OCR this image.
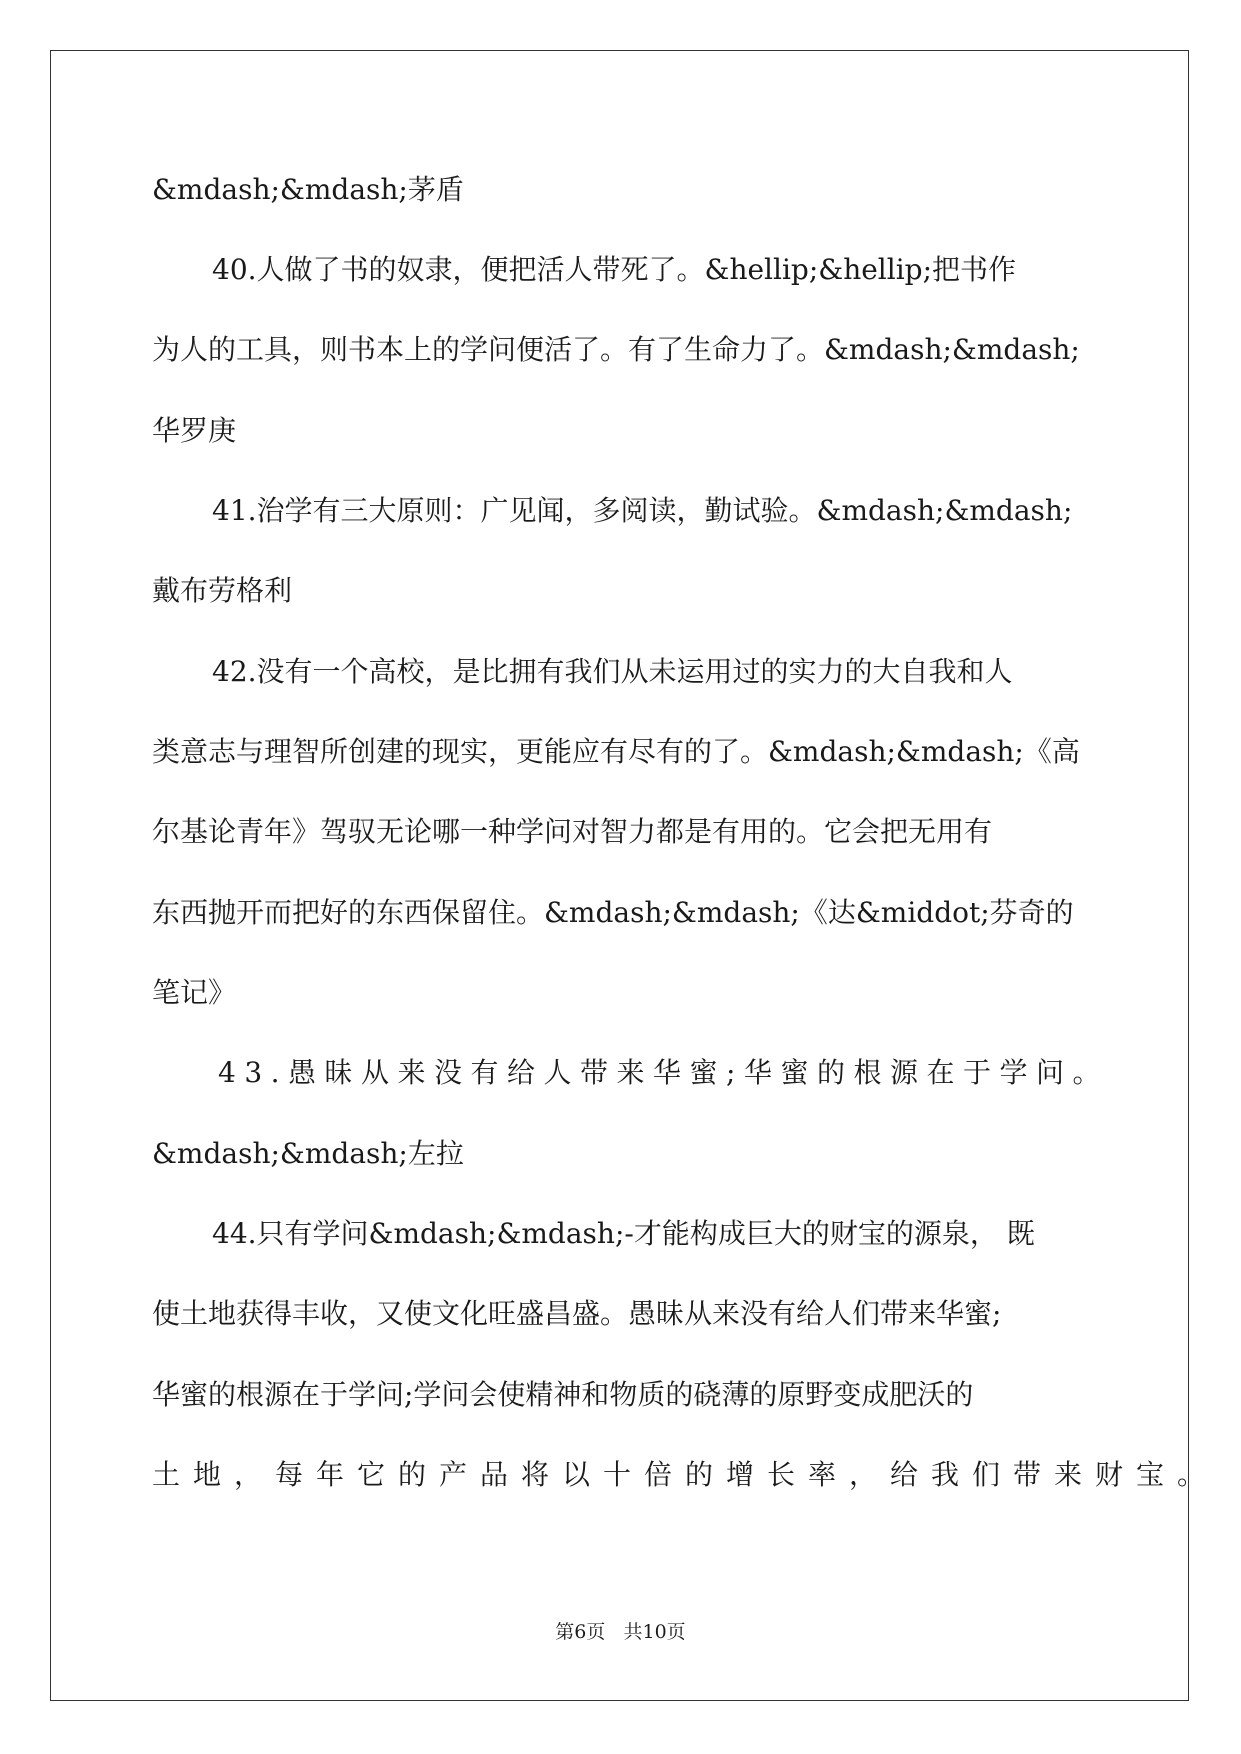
&mdash;&mdash;茅盾
40.人做了书的奴隶，便把活人带死了。&hellip;&hellip;把书作
为人的工具，则书本上的学问便活了。有了生命力了。&mdash;&mdash;
华罗庚
41.治学有三大原则：广见闻，多阅读，勤试验。&mdash;&mdash;
戴布劳格利
42.没有一个高校，是比拥有我们从未运用过的实力的大自我和人
类意志与理智所创建的现实，更能应有尽有的了。&mdash;&mdash;《高
尔基论青年》驾驭无论哪一种学问对智力都是有用的。它会把无用有
东西抛开而把好的东西保留住。&mdash;&mdash;《达&middot;芬奇的
笔记》
43.愚昧从来没有给人带来华蜜;华蜜的根源在于学问。
&mdash;&mdash;左拉
44.只有学问&mdash;&mdash;-才能构成巨大的财宝的源泉， 既
使土地获得丰收，又使文化旺盛昌盛。愚昧从来没有给人们带来华蜜;
华蜜的根源在于学问;学问会使精神和物质的硗薄的原野变成肥沃的
土地，每年它的产品将以十倍的增长率，给我们带来财宝。
第6页   共10页
